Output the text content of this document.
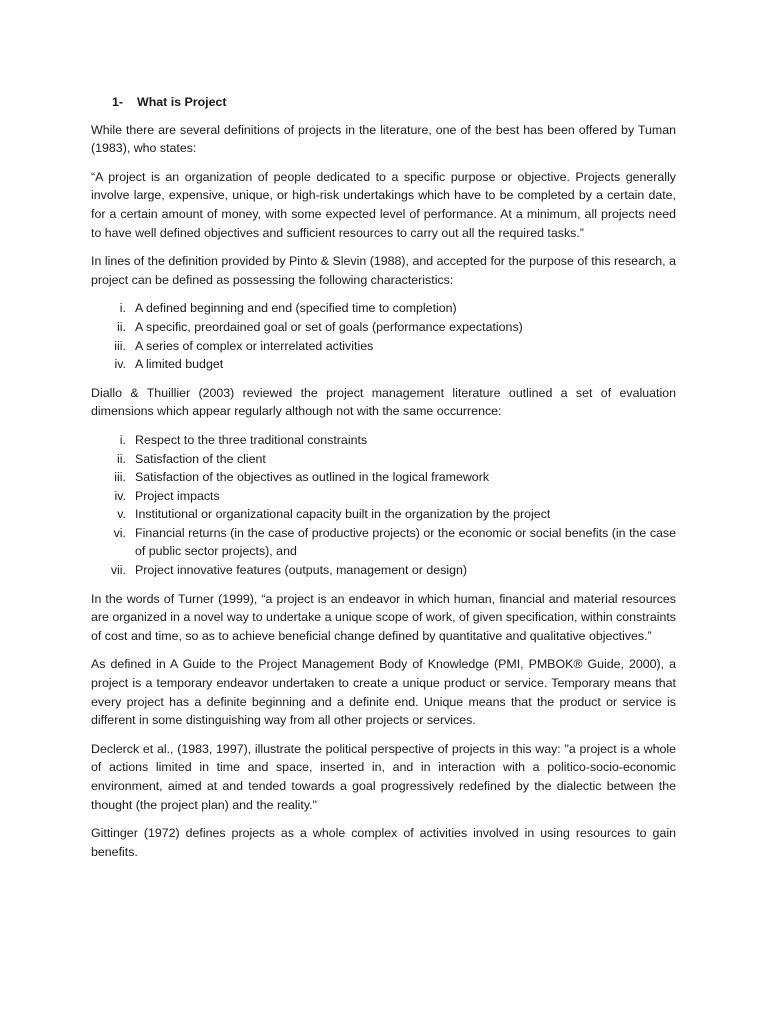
1-	What is Project

While there are several definitions of projects in the literature, one of the best has been offered by Tuman (1983), who states:

“A project is an organization of people dedicated to a specific purpose or objective. Projects generally involve large, expensive, unique, or high-risk undertakings which have to be completed by a certain date, for a certain amount of money, with some expected level of performance. At a minimum, all projects need to have well defined objectives and sufficient resources to carry out all the required tasks.”

In lines of the definition provided by Pinto & Slevin (1988), and accepted for the purpose of this research, a project can be defined as possessing the following characteristics:

i. A defined beginning and end (specified time to completion)
ii. A specific, preordained goal or set of goals (performance expectations)
iii. A series of complex or interrelated activities
iv. A limited budget

Diallo & Thuillier (2003) reviewed the project management literature outlined a set of evaluation dimensions which appear regularly although not with the same occurrence:

i. Respect to the three traditional constraints
ii. Satisfaction of the client
iii. Satisfaction of the objectives as outlined in the logical framework
iv. Project impacts
v. Institutional or organizational capacity built in the organization by the project
vi. Financial returns (in the case of productive projects) or the economic or social benefits (in the case of public sector projects), and
vii. Project innovative features (outputs, management or design)

In the words of Turner (1999), “a project is an endeavor in which human, financial and material resources are organized in a novel way to undertake a unique scope of work, of given specification, within constraints of cost and time, so as to achieve beneficial change defined by quantitative and qualitative objectives.”

As defined in A Guide to the Project Management Body of Knowledge (PMI, PMBOK® Guide, 2000), a project is a temporary endeavor undertaken to create a unique product or service. Temporary means that every project has a definite beginning and a definite end. Unique means that the product or service is different in some distinguishing way from all other projects or services.

Declerck et al., (1983, 1997), illustrate the political perspective of projects in this way: "a project is a whole of actions limited in time and space, inserted in, and in interaction with a politico-socio-economic environment, aimed at and tended towards a goal progressively redefined by the dialectic between the thought (the project plan) and the reality."

Gittinger (1972) defines projects as a whole complex of activities involved in using resources to gain benefits.
